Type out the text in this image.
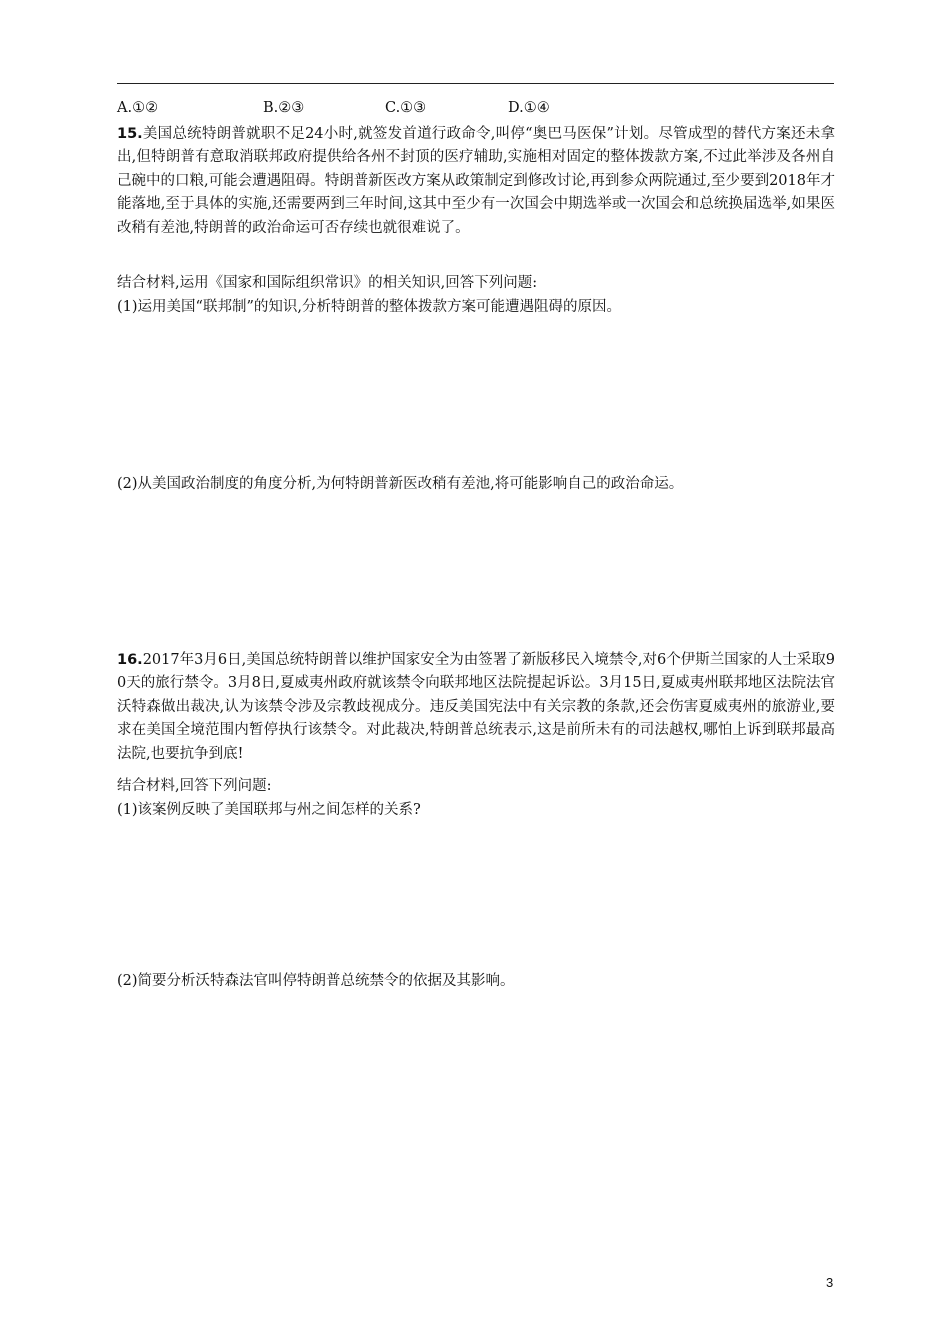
A.①②	B.②③	C.①③	D.①④
15.美国总统特朗普就职不足24小时,就签发首道行政命令,叫停“奥巴马医保”计划。尽管成型的替代方案还未拿出,但特朗普有意取消联邦政府提供给各州不封顶的医疗辅助,实施相对固定的整体拨款方案,不过此举涉及各州自己碗中的口粮,可能会遭遇阻碍。特朗普新医改方案从政策制定到修改讨论,再到参众两院通过,至少要到2018年才能落地,至于具体的实施,还需要两到三年时间,这其中至少有一次国会中期选举或一次国会和总统换届选举,如果医改稍有差池,特朗普的政治命运可否存续也就很难说了。
结合材料,运用《国家和国际组织常识》的相关知识,回答下列问题:
(1)运用美国“联邦制”的知识,分析特朗普的整体拨款方案可能遭遇阻碍的原因。
(2)从美国政治制度的角度分析,为何特朗普新医改稍有差池,将可能影响自己的政治命运。
16.2017年3月6日,美国总统特朗普以维护国家安全为由签署了新版移民入境禁令,对6个伊斯兰国家的人士采取90天的旅行禁令。3月8日,夏威夷州政府就该禁令向联邦地区法院提起诉讼。3月15日,夏威夷州联邦地区法院法官沃特森做出裁决,认为该禁令涉及宗教歧视成分。违反美国宪法中有关宗教的条款,还会伤害夏威夷州的旅游业,要求在美国全境范围内暂停执行该禁令。对此裁决,特朗普总统表示,这是前所未有的司法越权,哪怕上诉到联邦最高法院,也要抗争到底!
结合材料,回答下列问题:
(1)该案例反映了美国联邦与州之间怎样的关系?
(2)简要分析沃特森法官叫停特朗普总统禁令的依据及其影响。
3
